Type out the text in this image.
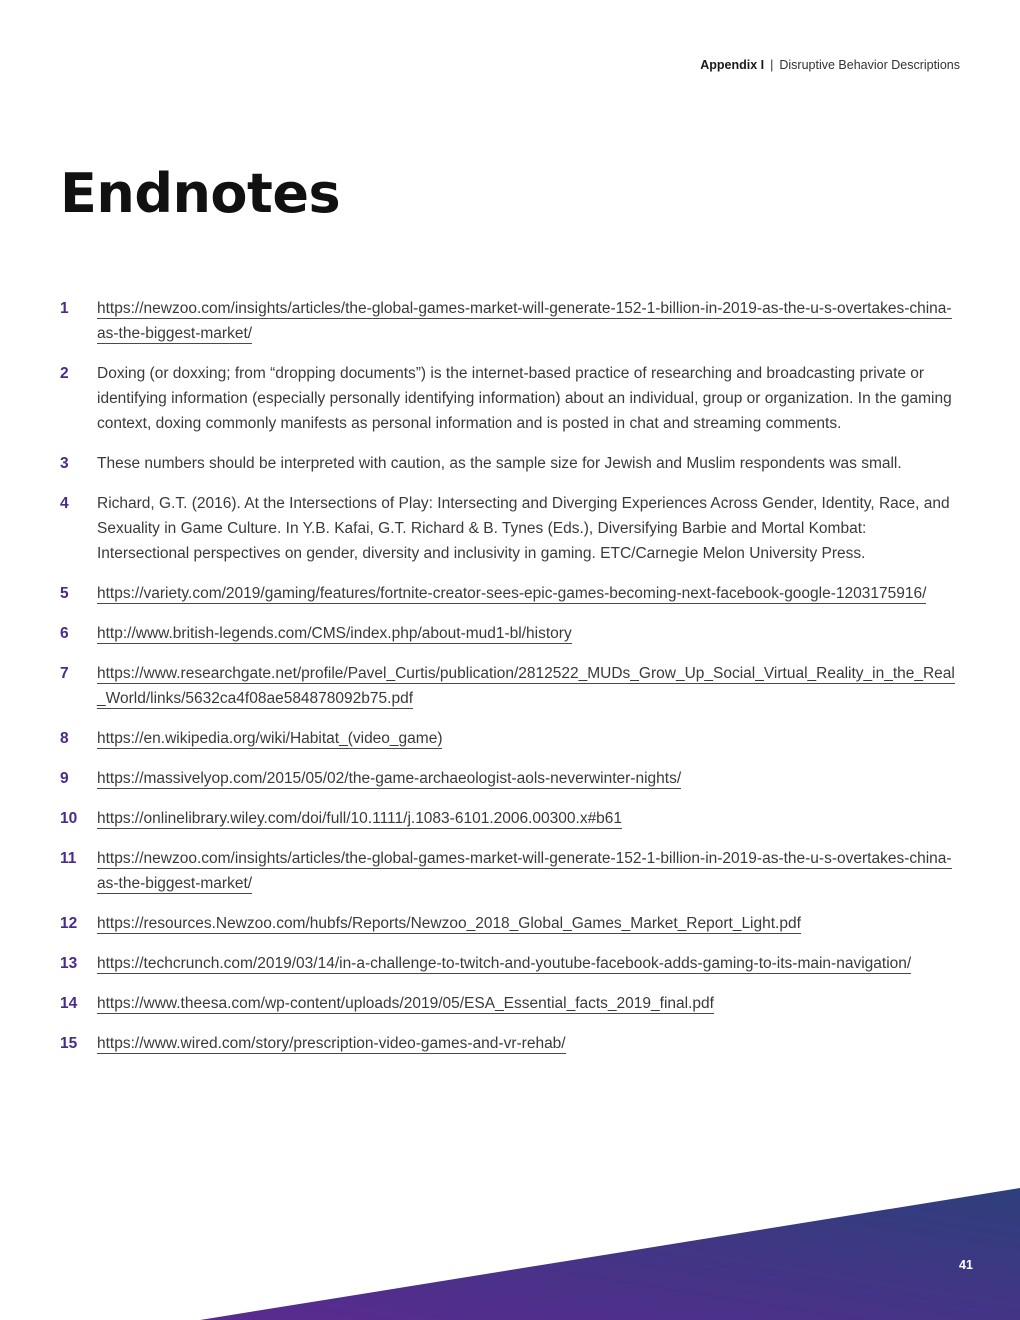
Appendix I | Disruptive Behavior Descriptions
Endnotes
1	https://newzoo.com/insights/articles/the-global-games-market-will-generate-152-1-billion-in-2019-as-the-u-s-overtakes-china-as-the-biggest-market/
2	Doxing (or doxxing; from “dropping documents”) is the internet-based practice of researching and broadcasting private or identifying information (especially personally identifying information) about an individual, group or organization. In the gaming context, doxing commonly manifests as personal information and is posted in chat and streaming comments.
3	These numbers should be interpreted with caution, as the sample size for Jewish and Muslim respondents was small.
4	Richard, G.T. (2016). At the Intersections of Play: Intersecting and Diverging Experiences Across Gender, Identity, Race, and Sexuality in Game Culture. In Y.B. Kafai, G.T. Richard & B. Tynes (Eds.), Diversifying Barbie and Mortal Kombat: Intersectional perspectives on gender, diversity and inclusivity in gaming. ETC/Carnegie Melon University Press.
5	https://variety.com/2019/gaming/features/fortnite-creator-sees-epic-games-becoming-next-facebook-google-1203175916/
6	http://www.british-legends.com/CMS/index.php/about-mud1-bl/history
7	https://www.researchgate.net/profile/Pavel_Curtis/publication/2812522_MUDs_Grow_Up_Social_Virtual_Reality_in_the_Real_World/links/5632ca4f08ae584878092b75.pdf
8	https://en.wikipedia.org/wiki/Habitat_(video_game)
9	https://massivelyop.com/2015/05/02/the-game-archaeologist-aols-neverwinter-nights/
10	https://onlinelibrary.wiley.com/doi/full/10.1111/j.1083-6101.2006.00300.x#b61
11	https://newzoo.com/insights/articles/the-global-games-market-will-generate-152-1-billion-in-2019-as-the-u-s-overtakes-china-as-the-biggest-market/
12	https://resources.Newzoo.com/hubfs/Reports/Newzoo_2018_Global_Games_Market_Report_Light.pdf
13	https://techcrunch.com/2019/03/14/in-a-challenge-to-twitch-and-youtube-facebook-adds-gaming-to-its-main-navigation/
14	https://www.theesa.com/wp-content/uploads/2019/05/ESA_Essential_facts_2019_final.pdf
15	https://www.wired.com/story/prescription-video-games-and-vr-rehab/
41
